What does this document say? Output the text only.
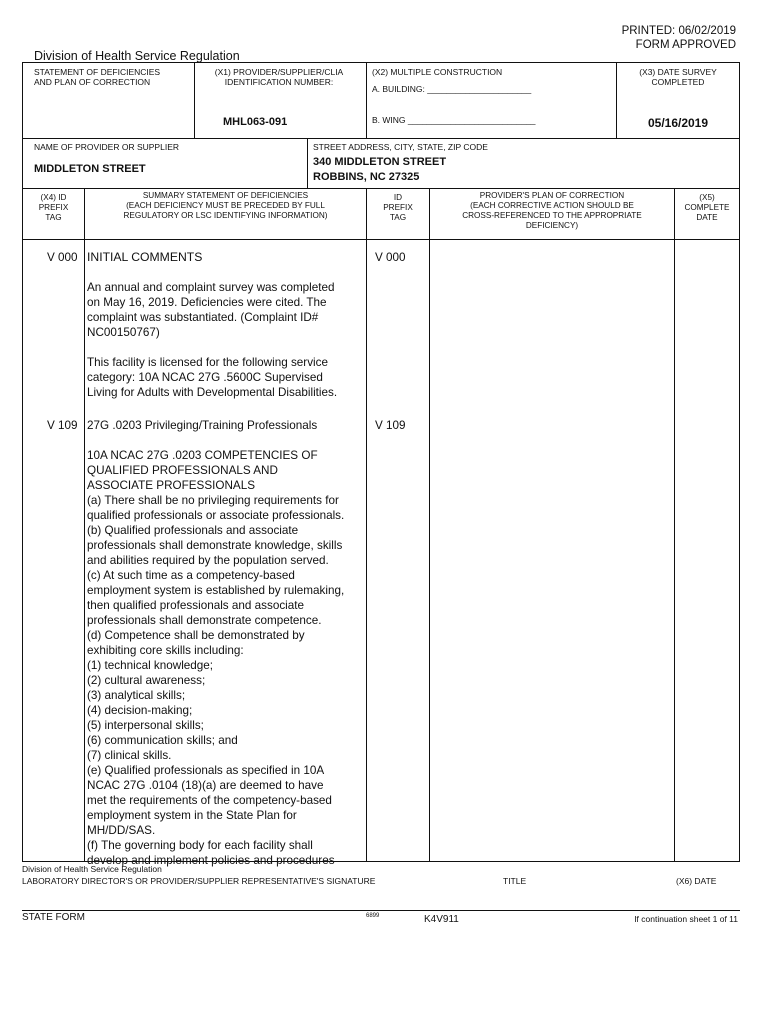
PRINTED: 06/02/2019
FORM APPROVED
Division of Health Service Regulation
STATEMENT OF DEFICIENCIES
AND PLAN OF CORRECTION
(X1) PROVIDER/SUPPLIER/CLIA
IDENTIFICATION NUMBER:
MHL063-091
(X2) MULTIPLE CONSTRUCTION
A. BUILDING: ______________________
B. WING ___________________________
(X3) DATE SURVEY
COMPLETED
05/16/2019
NAME OF PROVIDER OR SUPPLIER
MIDDLETON STREET
STREET ADDRESS, CITY, STATE, ZIP CODE
340 MIDDLETON STREET
ROBBINS, NC 27325
(X4) ID
PREFIX
TAG
SUMMARY STATEMENT OF DEFICIENCIES
(EACH DEFICIENCY MUST BE PRECEDED BY FULL
REGULATORY OR LSC IDENTIFYING INFORMATION)
ID
PREFIX
TAG
PROVIDER'S PLAN OF CORRECTION
(EACH CORRECTIVE ACTION SHOULD BE
CROSS-REFERENCED TO THE APPROPRIATE
DEFICIENCY)
(X5)
COMPLETE
DATE
V 000 INITIAL COMMENTS	V 000
An annual and complaint survey was completed
on May 16, 2019. Deficiencies were cited. The
complaint was substantiated. (Complaint ID#
NC00150767)

This facility is licensed for the following service
category: 10A NCAC 27G .5600C Supervised
Living for Adults with Developmental Disabilities.
V 109 27G .0203 Privileging/Training Professionals	V 109
10A NCAC 27G .0203 COMPETENCIES OF
QUALIFIED PROFESSIONALS AND
ASSOCIATE PROFESSIONALS
(a) There shall be no privileging requirements for
qualified professionals or associate professionals.
(b) Qualified professionals and associate
professionals shall demonstrate knowledge, skills
and abilities required by the population served.
(c) At such time as a competency-based
employment system is established by rulemaking,
then qualified professionals and associate
professionals shall demonstrate competence.
(d) Competence shall be demonstrated by
exhibiting core skills including:
(1) technical knowledge;
(2) cultural awareness;
(3) analytical skills;
(4) decision-making;
(5) interpersonal skills;
(6) communication skills; and
(7) clinical skills.
(e) Qualified professionals as specified in 10A
NCAC 27G .0104 (18)(a) are deemed to have
met the requirements of the competency-based
employment system in the State Plan for
MH/DD/SAS.
(f) The governing body for each facility shall
develop and implement policies and procedures
Division of Health Service Regulation
LABORATORY DIRECTOR'S OR PROVIDER/SUPPLIER REPRESENTATIVE'S SIGNATURE	TITLE	(X6) DATE
STATE FORM	6899	K4V911	If continuation sheet 1 of 11
